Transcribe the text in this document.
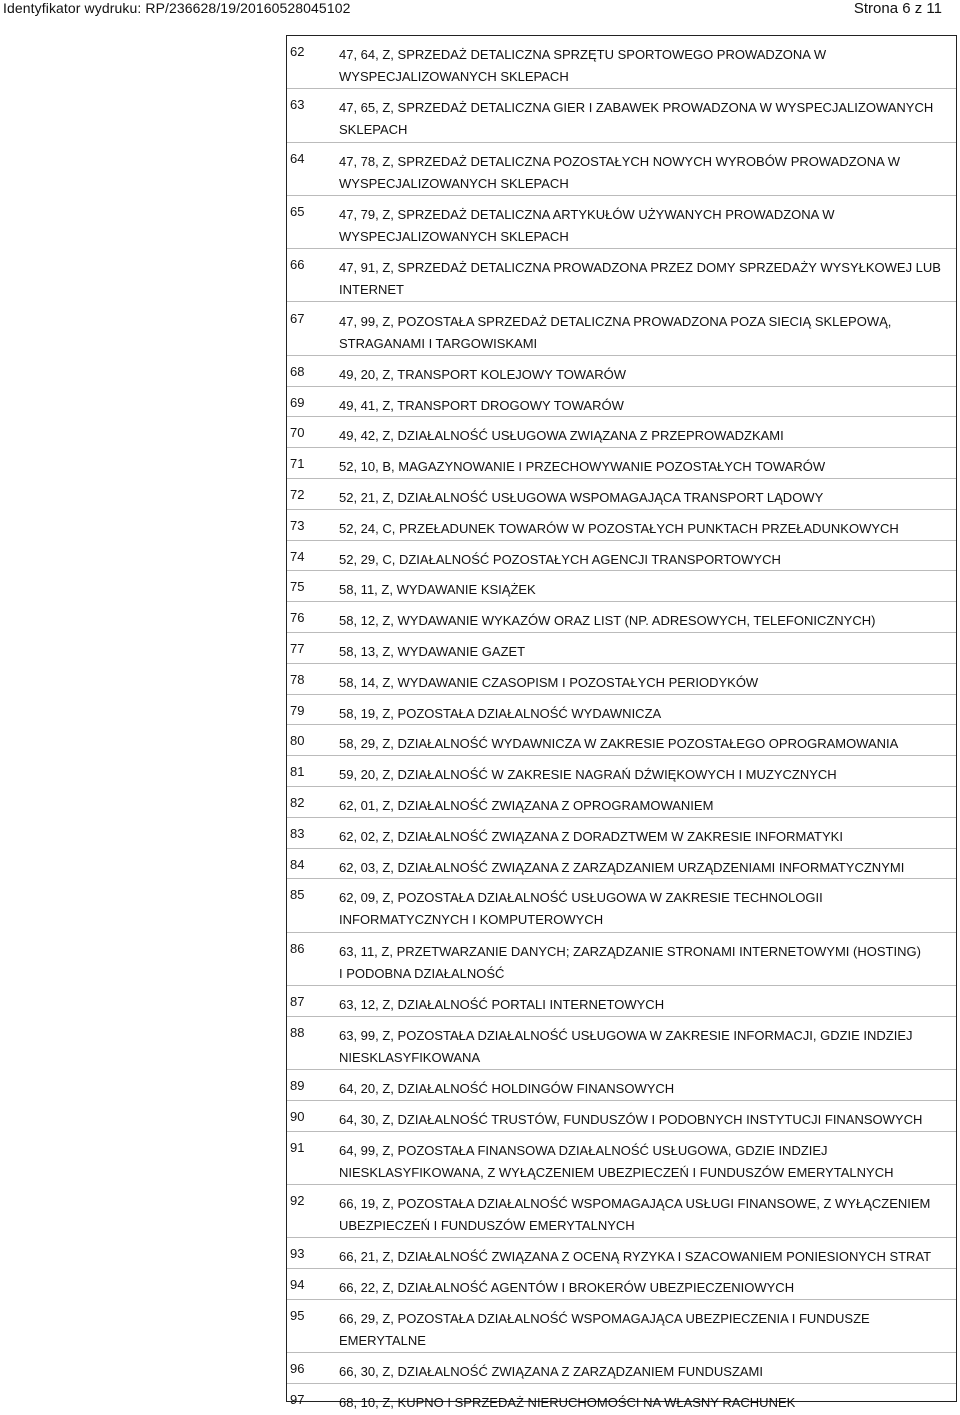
Identyfikator wydruku: RP/236628/19/20160528045102	Strona 6 z 11
62	47, 64, Z, SPRZEDAŻ DETALICZNA SPRZĘTU SPORTOWEGO PROWADZONA W
WYSPECJALIZOWANYCH SKLEPACH
63	47, 65, Z, SPRZEDAŻ DETALICZNA GIER I ZABAWEK PROWADZONA W WYSPECJALIZOWANYCH
SKLEPACH
64	47, 78, Z, SPRZEDAŻ DETALICZNA POZOSTAŁYCH NOWYCH WYROBÓW PROWADZONA W
WYSPECJALIZOWANYCH SKLEPACH
65	47, 79, Z, SPRZEDAŻ DETALICZNA ARTYKUŁÓW UŻYWANYCH PROWADZONA W
WYSPECJALIZOWANYCH SKLEPACH
66	47, 91, Z, SPRZEDAŻ DETALICZNA PROWADZONA PRZEZ DOMY SPRZEDAŻY WYSYŁKOWEJ LUB
INTERNET
67	47, 99, Z, POZOSTAŁA SPRZEDAŻ DETALICZNA PROWADZONA POZA SIECIĄ SKLEPOWĄ,
STRAGANAMI I TARGOWISKAMI
68	49, 20, Z, TRANSPORT KOLEJOWY TOWARÓW
69	49, 41, Z, TRANSPORT DROGOWY TOWARÓW
70	49, 42, Z, DZIAŁALNOŚĆ USŁUGOWA ZWIĄZANA Z PRZEPROWADZKAMI
71	52, 10, B, MAGAZYNOWANIE I PRZECHOWYWANIE POZOSTAŁYCH TOWARÓW
72	52, 21, Z, DZIAŁALNOŚĆ USŁUGOWA WSPOMAGAJĄCA TRANSPORT LĄDOWY
73	52, 24, C, PRZEŁADUNEK TOWARÓW W POZOSTAŁYCH PUNKTACH PRZEŁADUNKOWYCH
74	52, 29, C, DZIAŁALNOŚĆ POZOSTAŁYCH AGENCJI TRANSPORTOWYCH
75	58, 11, Z, WYDAWANIE KSIĄŻEK
76	58, 12, Z, WYDAWANIE WYKAZÓW ORAZ LIST (NP. ADRESOWYCH, TELEFONICZNYCH)
77	58, 13, Z, WYDAWANIE GAZET
78	58, 14, Z, WYDAWANIE CZASOPISM I POZOSTAŁYCH PERIODYKÓW
79	58, 19, Z, POZOSTAŁA DZIAŁALNOŚĆ WYDAWNICZA
80	58, 29, Z, DZIAŁALNOŚĆ WYDAWNICZA W ZAKRESIE POZOSTAŁEGO OPROGRAMOWANIA
81	59, 20, Z, DZIAŁALNOŚĆ W ZAKRESIE NAGRAŃ DŹWIĘKOWYCH I MUZYCZNYCH
82	62, 01, Z, DZIAŁALNOŚĆ ZWIĄZANA Z OPROGRAMOWANIEM
83	62, 02, Z, DZIAŁALNOŚĆ ZWIĄZANA Z DORADZTWEM W ZAKRESIE INFORMATYKI
84	62, 03, Z, DZIAŁALNOŚĆ ZWIĄZANA Z ZARZĄDZANIEM URZĄDZENIAMI INFORMATYCZNYMI
85	62, 09, Z, POZOSTAŁA DZIAŁALNOŚĆ USŁUGOWA W ZAKRESIE TECHNOLOGII
INFORMATYCZNYCH I KOMPUTEROWYCH
86	63, 11, Z, PRZETWARZANIE DANYCH; ZARZĄDZANIE STRONAMI INTERNETOWYMI (HOSTING)
I PODOBNA DZIAŁALNOŚĆ
87	63, 12, Z, DZIAŁALNOŚĆ PORTALI INTERNETOWYCH
88	63, 99, Z, POZOSTAŁA DZIAŁALNOŚĆ USŁUGOWA W ZAKRESIE INFORMACJI, GDZIE INDZIEJ
NIESKLASYFIKOWANA
89	64, 20, Z, DZIAŁALNOŚĆ HOLDINGÓW FINANSOWYCH
90	64, 30, Z, DZIAŁALNOŚĆ TRUSTÓW, FUNDUSZÓW I PODOBNYCH INSTYTUCJI FINANSOWYCH
91	64, 99, Z, POZOSTAŁA FINANSOWA DZIAŁALNOŚĆ USŁUGOWA, GDZIE INDZIEJ
NIESKLASYFIKOWANA, Z WYŁĄCZENIEM UBEZPIECZEŃ I FUNDUSZÓW EMERYTALNYCH
92	66, 19, Z, POZOSTAŁA DZIAŁALNOŚĆ WSPOMAGAJĄCA USŁUGI FINANSOWE, Z WYŁĄCZENIEM
UBEZPIECZEŃ I FUNDUSZÓW EMERYTALNYCH
93	66, 21, Z, DZIAŁALNOŚĆ ZWIĄZANA Z OCENĄ RYZYKA I SZACOWANIEM PONIESIONYCH STRAT
94	66, 22, Z, DZIAŁALNOŚĆ AGENTÓW I BROKERÓW UBEZPIECZENIOWYCH
95	66, 29, Z, POZOSTAŁA DZIAŁALNOŚĆ WSPOMAGAJĄCA UBEZPIECZENIA I FUNDUSZE
EMERYTALNE
96	66, 30, Z, DZIAŁALNOŚĆ ZWIĄZANA Z ZARZĄDZANIEM FUNDUSZAMI
97	68, 10, Z, KUPNO I SPRZEDAŻ NIERUCHOMOŚCI NA WŁASNY RACHUNEK
